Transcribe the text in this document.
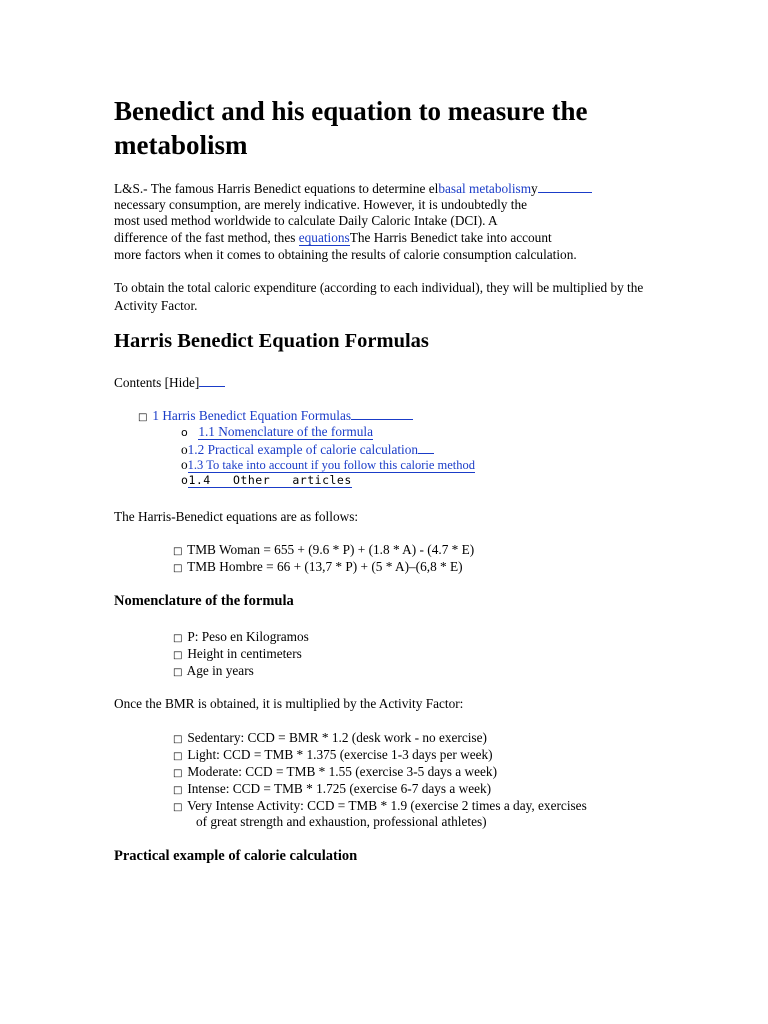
Benedict and his equation to measure the metabolism
L&S.- The famous Harris Benedict equations to determine elbasal metabolismy
necessary consumption, are merely indicative. However, it is undoubtedly the
most used method worldwide to calculate Daily Caloric Intake (DCI). A
difference of the fast method, thes equationsThe Harris Benedict take into account
more factors when it comes to obtaining the results of calorie consumption calculation.
To obtain the total caloric expenditure (according to each individual), they will be multiplied by the
Activity Factor.
Harris Benedict Equation Formulas
Contents [Hide]
□ 1 Harris Benedict Equation Formulas
o 1.1 Nomenclature of the formula
o1.2 Practical example of calorie calculation
o1.3 To take into account if you follow this calorie method
o1.4 Other   articles
The Harris-Benedict equations are as follows:
□ TMB Woman = 655 + (9.6 * P) + (1.8 * A) - (4.7 * E)
□ TMB Hombre = 66 + (13,7 * P) + (5 * A)–(6,8 * E)
Nomenclature of the formula
□ P: Peso en Kilogramos
□ Height in centimeters
□ Age in years
Once the BMR is obtained, it is multiplied by the Activity Factor:
□ Sedentary: CCD = BMR * 1.2 (desk work - no exercise)
□ Light: CCD = TMB * 1.375 (exercise 1-3 days per week)
□ Moderate: CCD = TMB * 1.55 (exercise 3-5 days a week)
□ Intense: CCD = TMB * 1.725 (exercise 6-7 days a week)
□ Very Intense Activity: CCD = TMB * 1.9 (exercise 2 times a day, exercises
of great strength and exhaustion, professional athletes)
Practical example of calorie calculation
